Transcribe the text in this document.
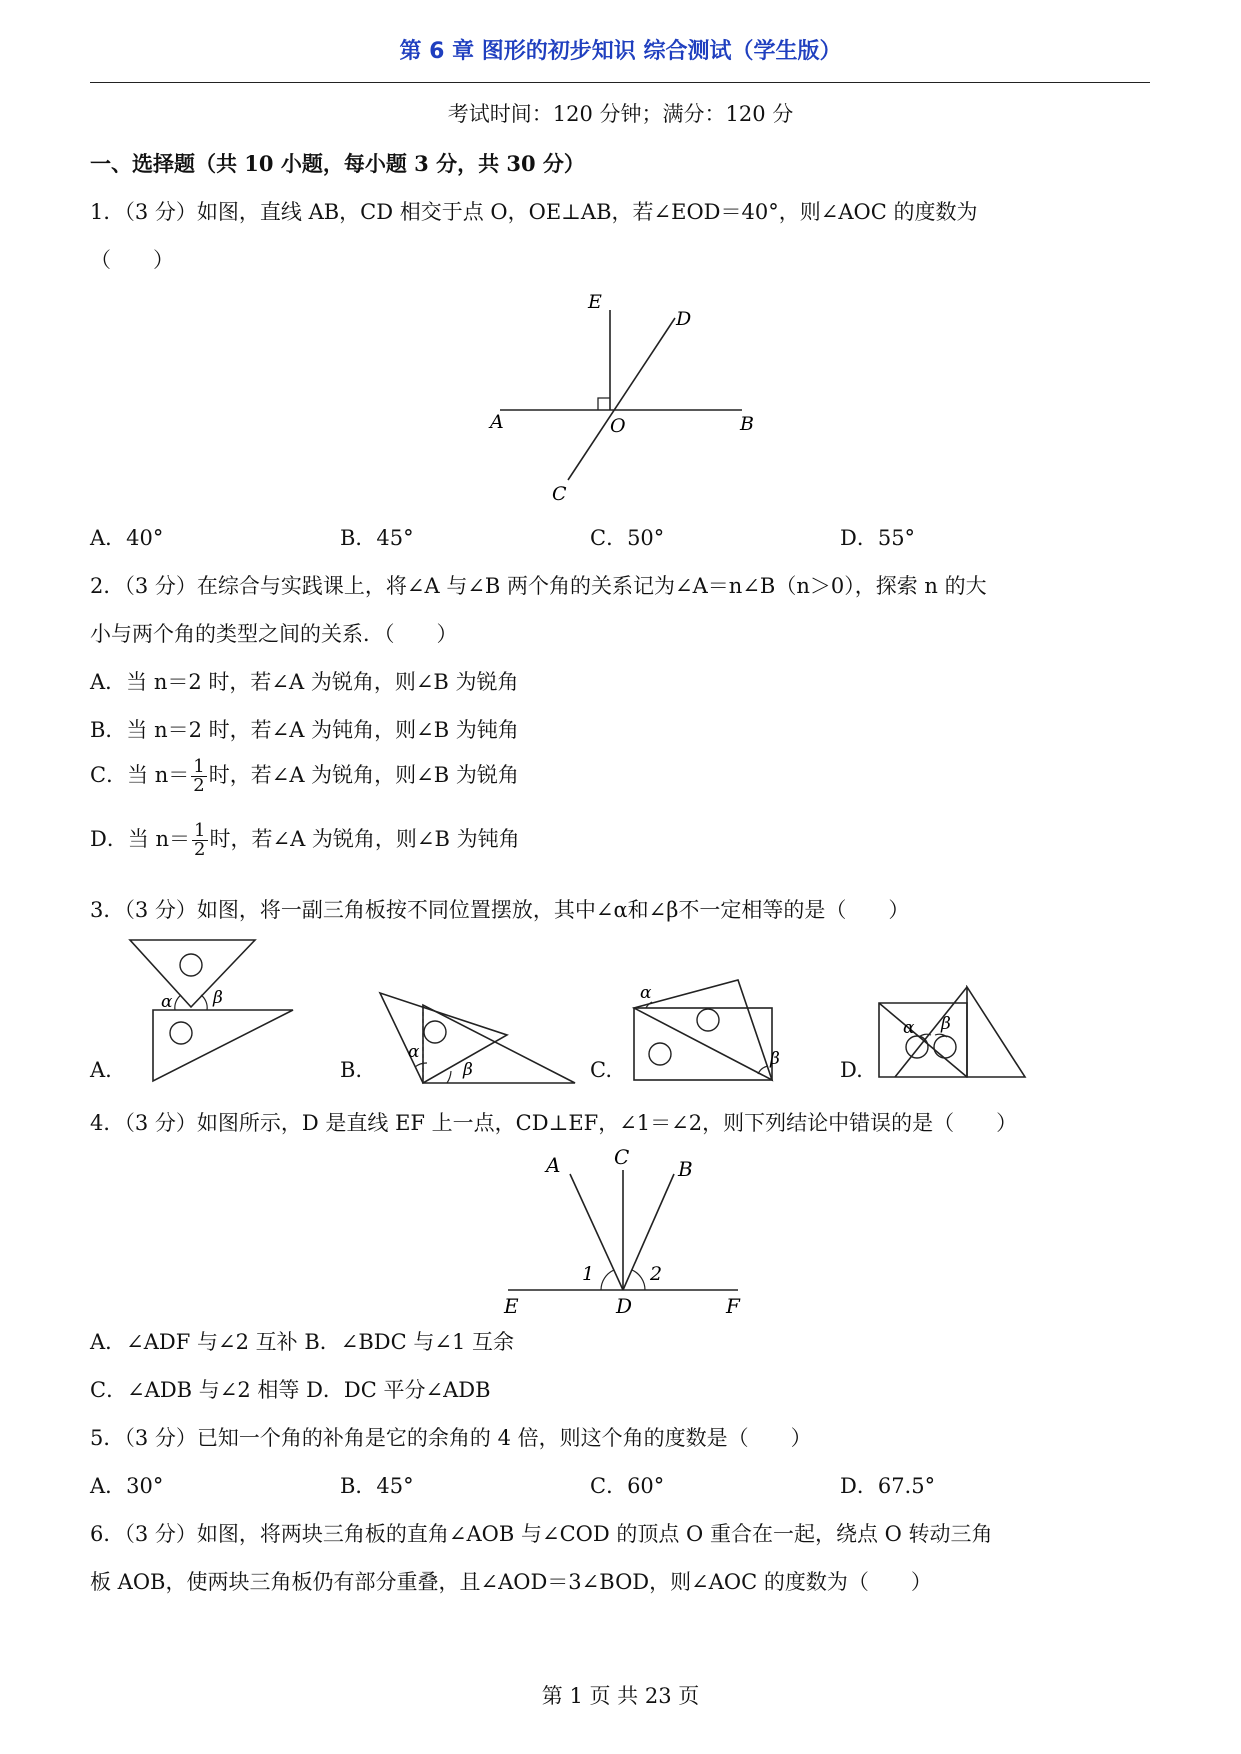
第 6 章 图形的初步知识 综合测试（学生版）
考试时间：120 分钟；满分：120 分
一、选择题（共 10 小题，每小题 3 分，共 30 分）
1．（3 分）如图，直线 AB，CD 相交于点 O，OE⊥AB，若∠EOD＝40°，则∠AOC 的度数为
（　　）
E
D
A	O	B
C
A．40°	B．45°	C．50°	D．55°
2．（3 分）在综合与实践课上，将∠A 与∠B 两个角的关系记为∠A＝n∠B（n＞0），探索 n 的大
小与两个角的类型之间的关系．（　　）
A．当 n＝2 时，若∠A 为锐角，则∠B 为锐角
B．当 n＝2 时，若∠A 为钝角，则∠B 为钝角
C．当 $n= \frac{1}{2}$ 时，若∠A 为锐角，则∠B 为锐角
D．当 $n= \frac{1}{2}$ 时，若∠A 为锐角，则∠B 为钝角
3．（3 分）如图，将一副三角板按不同位置摆放，其中∠α和∠β不一定相等的是（　　）
α β
A.
α
β
B.
α
β
C.
α β
D.
4．（3 分）如图所示，D 是直线 EF 上一点，CD⊥EF，∠1＝∠2，则下列结论中错误的是（　　）
A	C B
1	2
E	D	F
A．∠ADF 与∠2 互补 B．∠BDC 与∠1 互余
C．∠ADB 与∠2 相等 D．DC 平分∠ADB
5．（3 分）已知一个角的补角是它的余角的 4 倍，则这个角的度数是（　　）
A．30°	B．45°	C．60°	D．67.5°
6．（3 分）如图，将两块三角板的直角∠AOB 与∠COD 的顶点 O 重合在一起，绕点 O 转动三角
板 AOB，使两块三角板仍有部分重叠，且∠AOD＝3∠BOD，则∠AOC 的度数为（　　）
第 1 页 共 23 页
